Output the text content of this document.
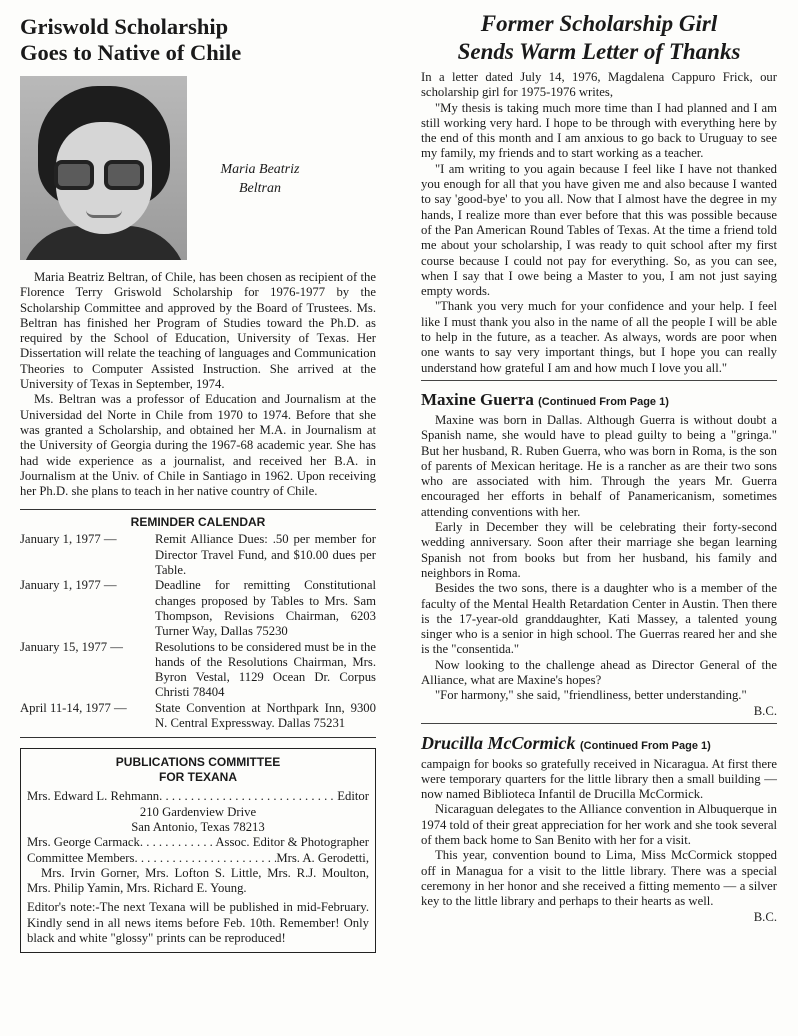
Griswold Scholarship
Goes to Native of Chile
Maria Beatriz
Beltran

Maria Beatriz Beltran, of Chile, has been chosen as recipient of the Florence Terry Griswold Scholarship for 1976-1977 by the Scholarship Committee and approved by the Board of Trustees. Ms. Beltran has finished her Program of Studies toward the Ph.D. as required by the School of Education, University of Texas. Her Dissertation will relate the teaching of languages and Communication Theories to Computer Assisted Instruction. She arrived at the University of Texas in September, 1974.

Ms. Beltran was a professor of Education and Journalism at the Universidad del Norte in Chile from 1970 to 1974. Before that she was granted a Scholarship, and obtained her M.A. in Journalism at the University of Georgia during the 1967-68 academic year. She has had wide experience as a journalist, and received her B.A. in Journalism at the Univ. of Chile in Santiago in 1962. Upon receiving her Ph.D. she plans to teach in her native country of Chile.

REMINDER CALENDAR
January 1, 1977 —	Remit Alliance Dues: .50 per member for Director Travel Fund, and $10.00 dues per Table.
January 1, 1977 —	Deadline for remitting Constitutional changes proposed by Tables to Mrs. Sam Thompson, Revisions Chairman, 6203 Turner Way, Dallas 75230
January 15, 1977 —	Resolutions to be considered must be in the hands of the Resolutions Chairman, Mrs. Byron Vestal, 1129 Ocean Dr. Corpus Christi 78404
April 11-14, 1977 —	State Convention at Northpark Inn, 9300 N. Central Expressway. Dallas 75231
PUBLICATIONS COMMITTEE
FOR TEXANA
Mrs. Edward L. Rehmann . . .	Editor
210 Gardenview Drive
San Antonio, Texas 78213
Mrs. George Carmack . . .	Assoc. Editor & Photographer
Committee Members . . .	Mrs. A. Gerodetti,
Mrs. Irvin Gorner, Mrs. Lofton S. Little, Mrs. R.J. Moulton, Mrs. Philip Yamin, Mrs. Richard E. Young.
Editor's note:-The next Texana will be published in mid-February. Kindly send in all news items before Feb. 10th. Remember! Only black and white "glossy" prints can be reproduced!
Former Scholarship Girl
Sends Warm Letter of Thanks

In a letter dated July 14, 1976, Magdalena Cappuro Frick, our scholarship girl for 1975-1976 writes,

"My thesis is taking much more time than I had planned and I am still working very hard. I hope to be through with everything here by the end of this month and I am anxious to go back to Uruguay to see my family, my friends and to start working as a teacher.

"I am writing to you again because I feel like I have not thanked you enough for all that you have given me and also because I wanted to say 'good-bye' to you all. Now that I almost have the degree in my hands, I realize more than ever before that this was possible because of the Pan American Round Tables of Texas. At the time a friend told me about your scholarship, I was ready to quit school after my first course because I could not pay for everything. So, as you can see, when I say that I owe being a Master to you, I am not just saying empty words.

"Thank you very much for your confidence and your help. I feel like I must thank you also in the name of all the people I will be able to help in the future, as a teacher. As always, words are poor when one wants to say very important things, but I hope you can really understand how grateful I am and how much I love you all."

Maxine Guerra (Continued From Page 1)

Maxine was born in Dallas. Although Guerra is without doubt a Spanish name, she would have to plead guilty to being a "gringa." But her husband, R. Ruben Guerra, who was born in Roma, is the son of parents of Mexican heritage. He is a rancher as are their two sons who are associated with him. Through the years Mr. Guerra encouraged her efforts in behalf of Panamericanism, sometimes attending conventions with her.

Early in December they will be celebrating their forty-second wedding anniversary. Soon after their marriage she began learning Spanish not from books but from her husband, his family and neighbors in Roma.

Besides the two sons, there is a daughter who is a member of the faculty of the Mental Health Retardation Center in Austin. Then there is the 17-year-old granddaughter, Kati Massey, a talented young singer who is a senior in high school. The Guerras reared her and she is the "consentida."

Now looking to the challenge ahead as Director General of the Alliance, what are Maxine's hopes?

"For harmony," she said, "friendliness, better understanding."

B.C.
Drucilla McCormick (Continued From Page 1)

campaign for books so gratefully received in Nicaragua. At first there were temporary quarters for the little library then a small building — now named Biblioteca Infantil de Drucilla McCormick.

Nicaraguan delegates to the Alliance convention in Albuquerque in 1974 told of their great appreciation for her work and she took several of them back home to San Benito with her for a visit.

This year, convention bound to Lima, Miss McCormick stopped off in Managua for a visit to the little library. There was a special ceremony in her honor and she received a fitting memento — a silver key to the little library and perhaps to their hearts as well.

B.C.
